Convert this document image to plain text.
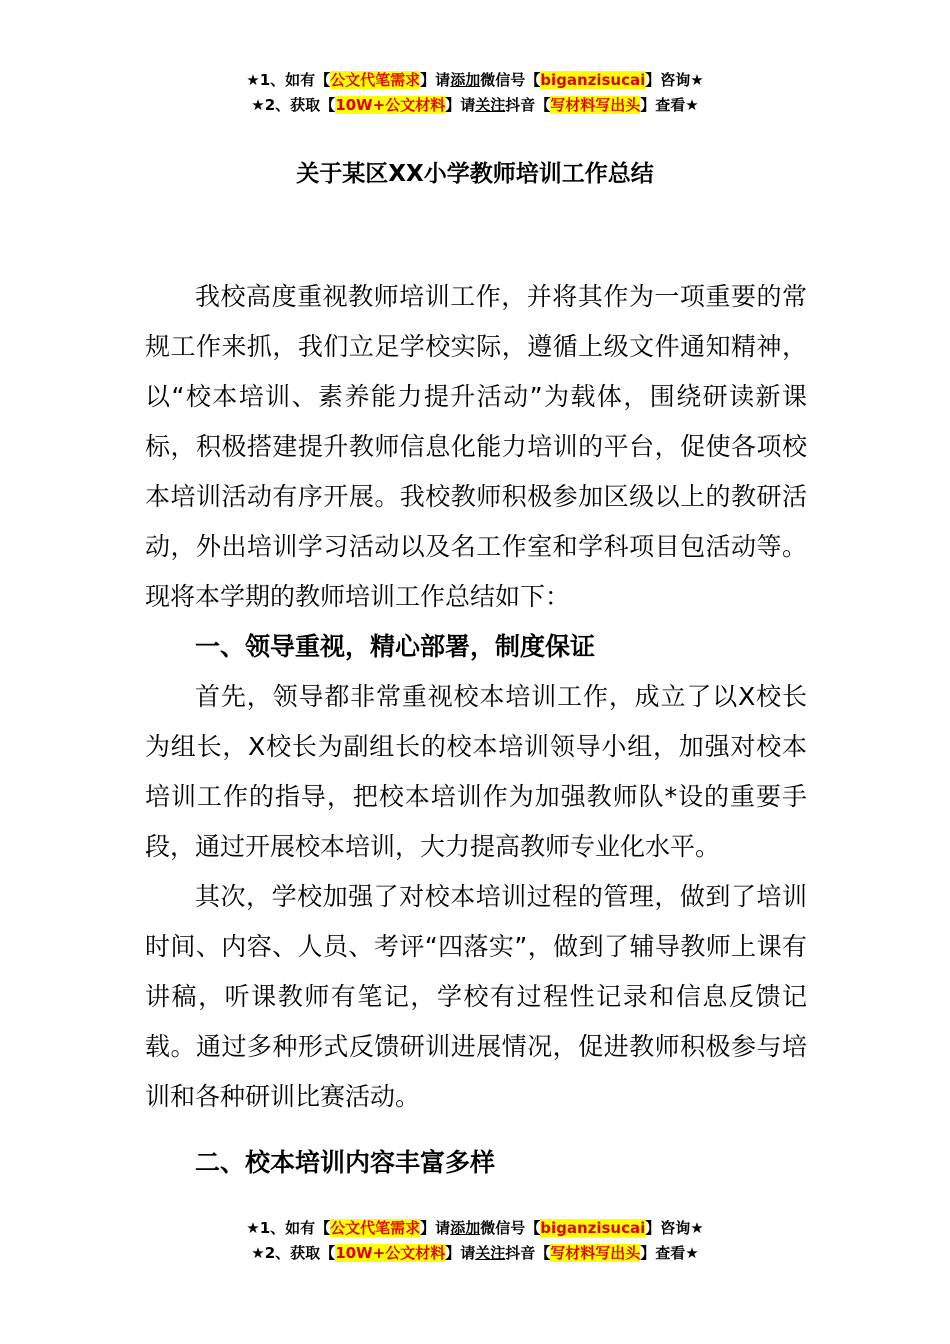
★1、如有【公文代笔需求】请添加微信号【biganzisucai】咨询★
★2、获取【10W+公文材料】请关注抖音【写材料写出头】查看★
关于某区XX小学教师培训工作总结

我校高度重视教师培训工作，并将其作为一项重要的常规工作来抓，我们立足学校实际，遵循上级文件通知精神，以“校本培训、素养能力提升活动”为载体，围绕研读新课标，积极搭建提升教师信息化能力培训的平台，促使各项校本培训活动有序开展。我校教师积极参加区级以上的教研活动，外出培训学习活动以及名工作室和学科项目包活动等。现将本学期的教师培训工作总结如下：

一、领导重视，精心部署，制度保证

首先，领导都非常重视校本培训工作，成立了以X校长为组长，X校长为副组长的校本培训领导小组，加强对校本培训工作的指导，把校本培训作为加强教师队*设的重要手段，通过开展校本培训，大力提高教师专业化水平。

其次，学校加强了对校本培训过程的管理，做到了培训时间、内容、人员、考评“四落实”，做到了辅导教师上课有讲稿，听课教师有笔记，学校有过程性记录和信息反馈记载。通过多种形式反馈研训进展情况，促进教师积极参与培训和各种研训比赛活动。

二、校本培训内容丰富多样

★1、如有【公文代笔需求】请添加微信号【biganzisucai】咨询★
★2、获取【10W+公文材料】请关注抖音【写材料写出头】查看★
